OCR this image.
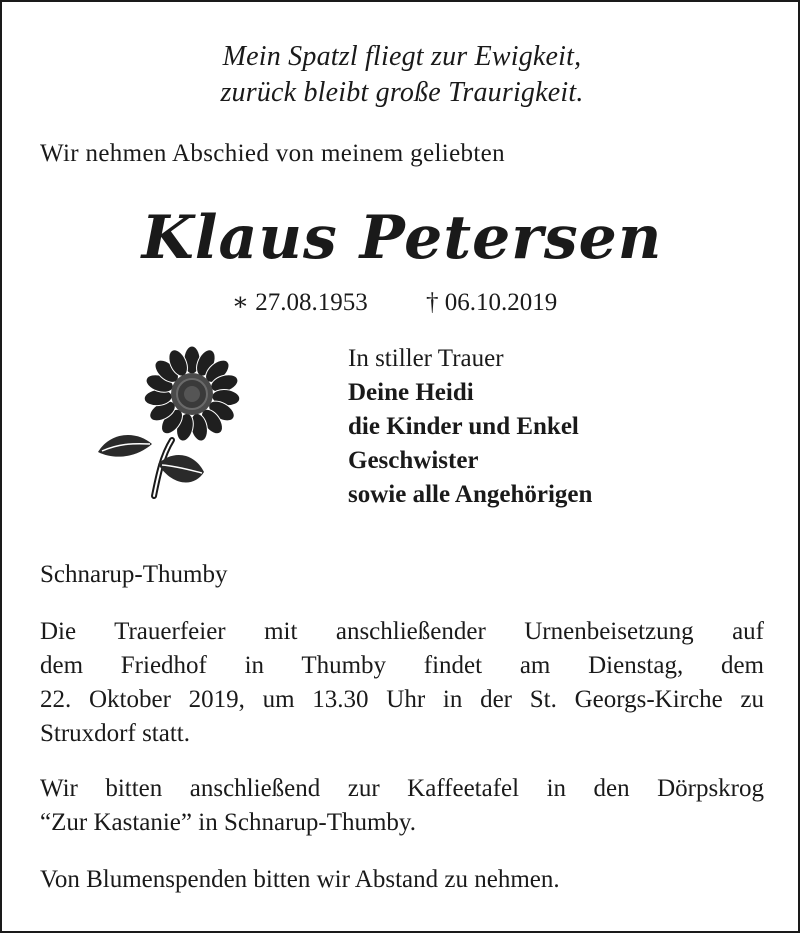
Mein Spatzl fliegt zur Ewigkeit,
zurück bleibt große Traurigkeit.
Wir nehmen Abschied von meinem geliebten
Klaus Petersen
∗ 27.08.1953 † 06.10.2019
In stiller Trauer
Deine Heidi
die Kinder und Enkel
Geschwister
sowie alle Angehörigen
Schnarup-Thumby
Die Trauerfeier mit anschließender Urnenbeisetzung auf
dem Friedhof in Thumby findet am Dienstag, dem
22. Oktober 2019, um 13.30 Uhr in der St. Georgs-Kirche zu
Struxdorf statt.
Wir bitten anschließend zur Kaffeetafel in den Dörpskrog
“Zur Kastanie” in Schnarup-Thumby.
Von Blumenspenden bitten wir Abstand zu nehmen.
